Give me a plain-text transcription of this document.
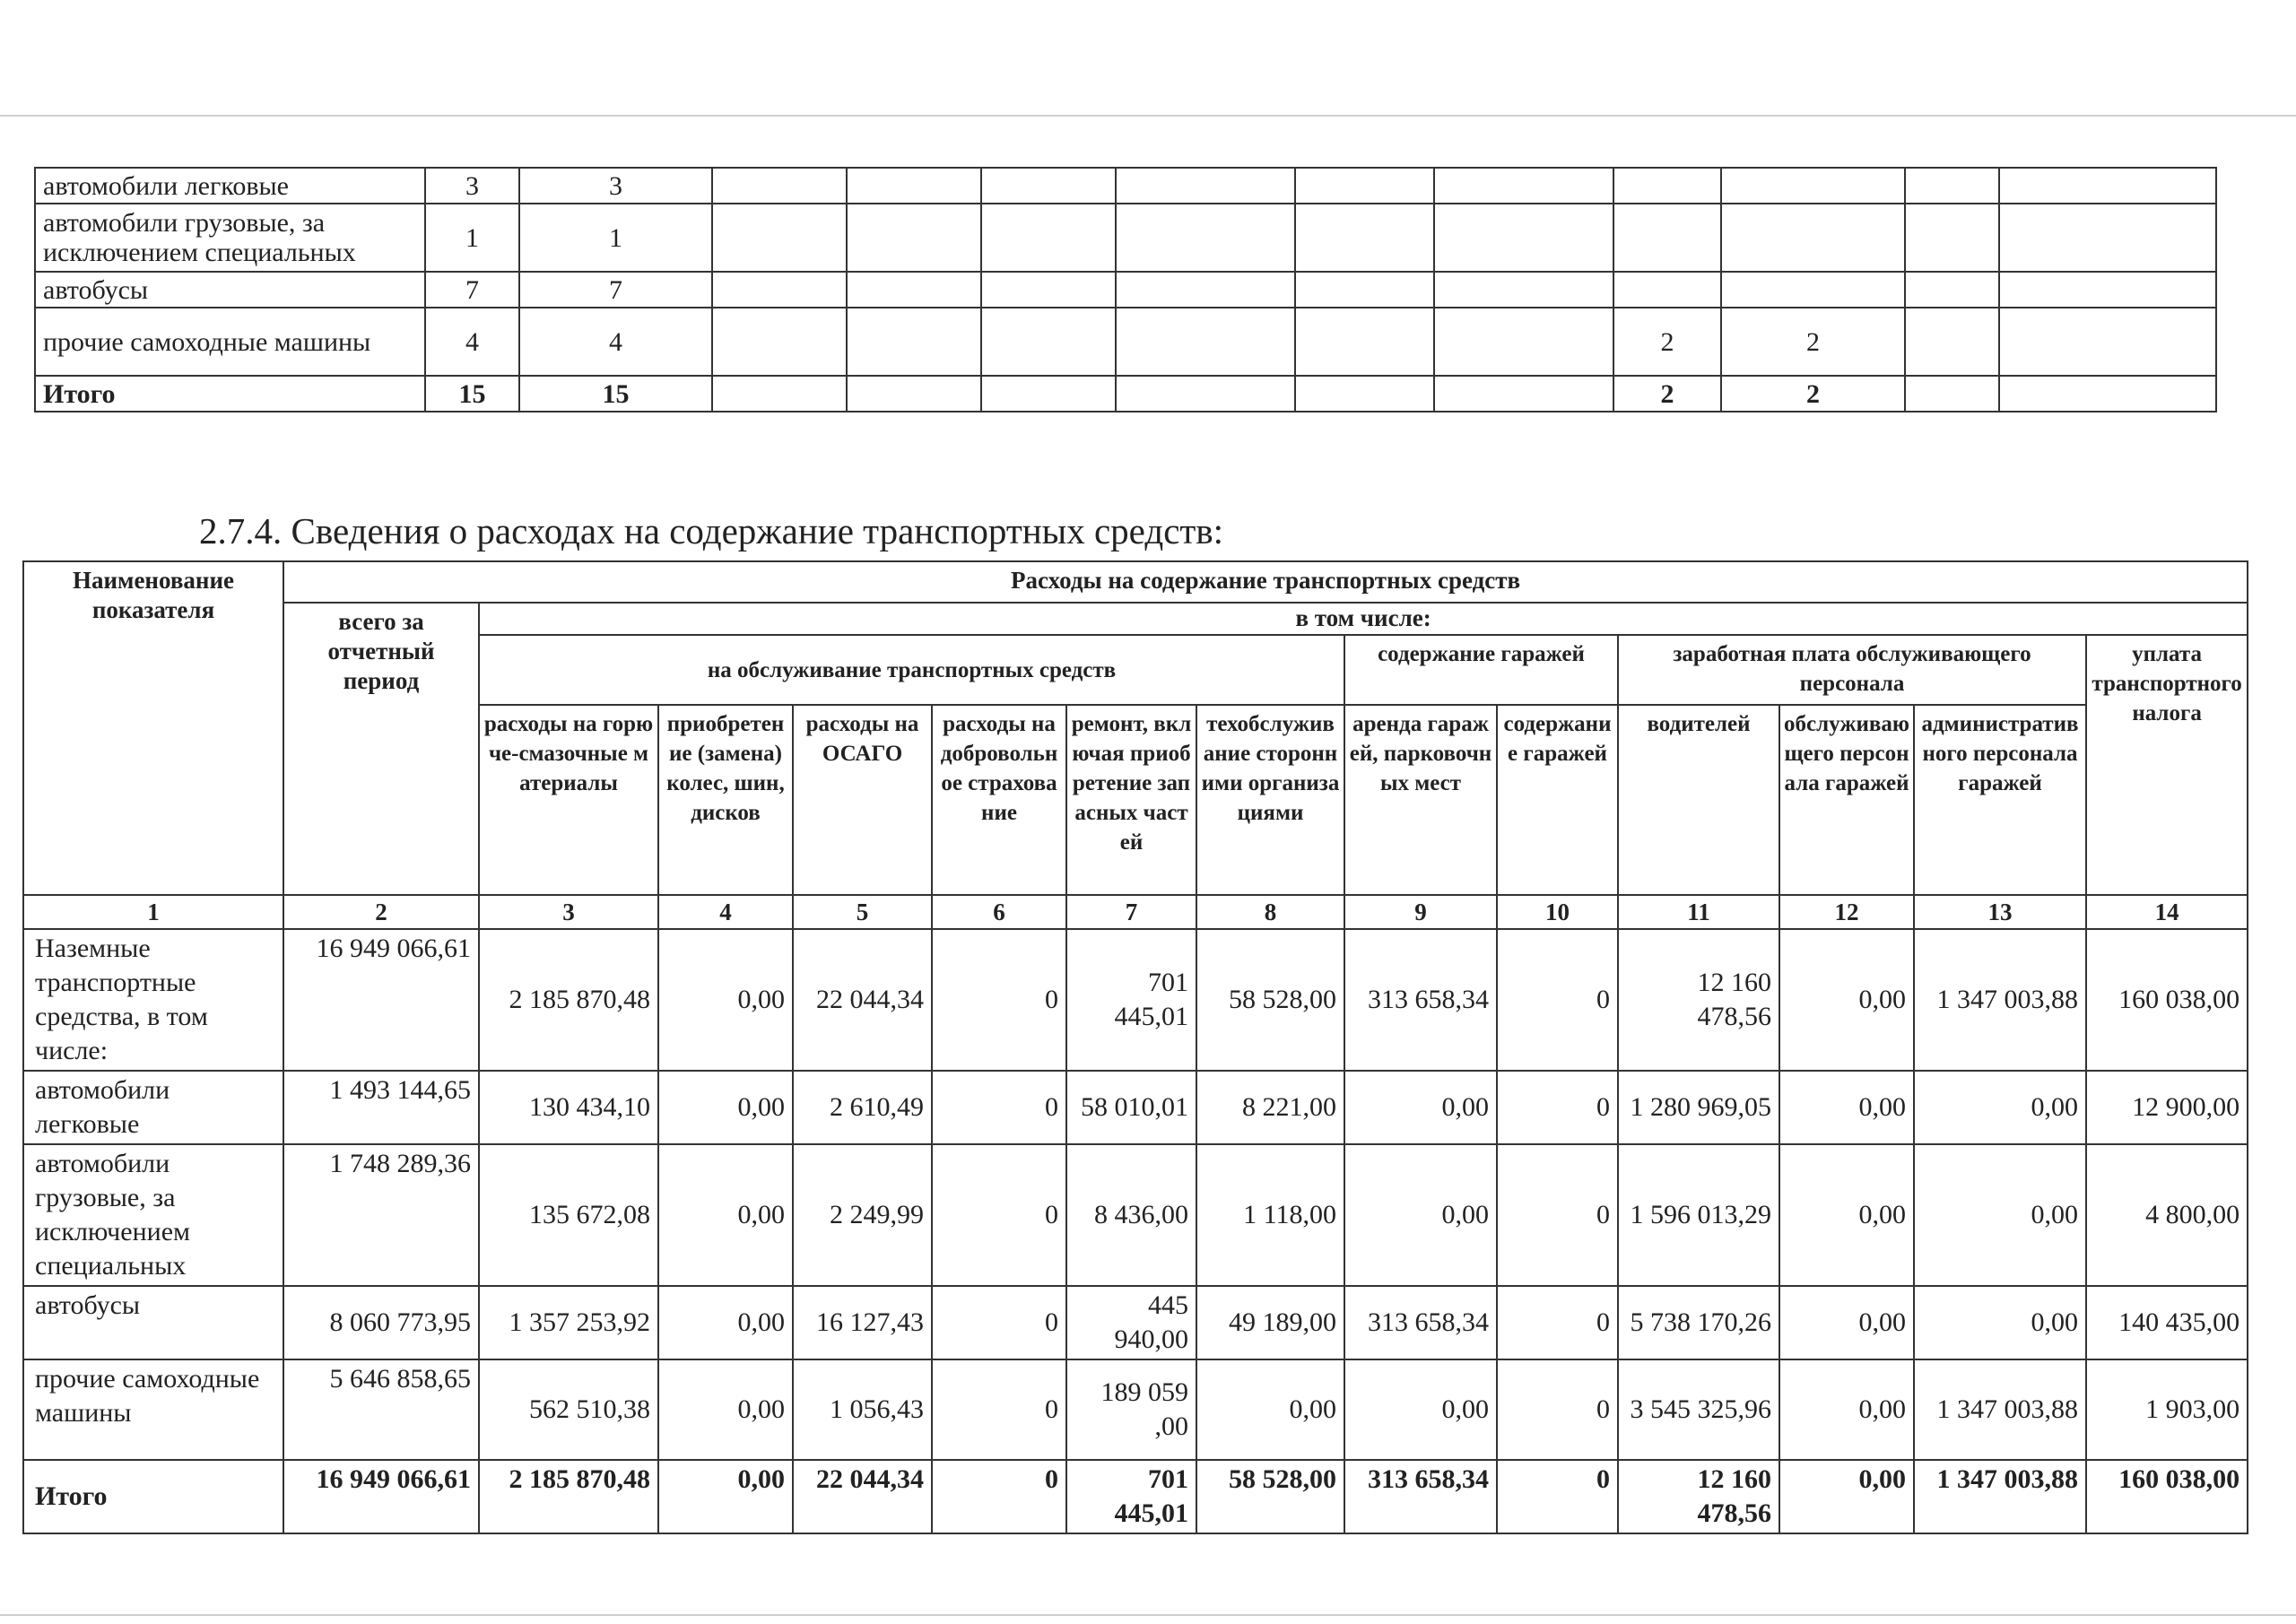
автомобили легковые	3	3										
автомобили грузовые, за исключением специальных	1	1										
автобусы	7	7										
прочие самоходные машины	4	4							2	2		
Итого	15	15							2	2		
2.7.4. Сведения о расходах на содержание транспортных средств:
Наименование показателя	Расходы на содержание транспортных средств												
	всего за отчетный период	в том числе:											
		на обслуживание транспортных средств						содержание гаражей		заработная плата обслуживающего персонала			уплата транспортного налога
		расходы на горюче-смазочные материалы	приобретение (замена) колес, шин, дисков	расходы на ОСАГО	расходы на добровольное страхование	ремонт, включая приобретение запасных частей	техобслуживание сторонними организациями	аренда гаражей, парковочных мест	содержание гаражей	водителей	обслуживающего персонала гаражей	административного персонала гаражей	
1	2	3	4	5	6	7	8	9	10	11	12	13	14
Наземные транспортные средства, в том числе:	16 949 066,61	2 185 870,48	0,00	22 044,34	0	701 445,01	58 528,00	313 658,34	0	12 160 478,56	0,00	1 347 003,88	160 038,00
автомобили легковые	1 493 144,65	130 434,10	0,00	2 610,49	0	58 010,01	8 221,00	0,00	0	1 280 969,05	0,00	0,00	12 900,00
автомобили грузовые, за исключением специальных	1 748 289,36	135 672,08	0,00	2 249,99	0	8 436,00	1 118,00	0,00	0	1 596 013,29	0,00	0,00	4 800,00
автобусы	8 060 773,95	1 357 253,92	0,00	16 127,43	0	445 940,00	49 189,00	313 658,34	0	5 738 170,26	0,00	0,00	140 435,00
прочие самоходные машины	5 646 858,65	562 510,38	0,00	1 056,43	0	189 059 ,00	0,00	0,00	0	3 545 325,96	0,00	1 347 003,88	1 903,00
Итого	16 949 066,61	2 185 870,48	0,00	22 044,34	0	701 445,01	58 528,00	313 658,34	0	12 160 478,56	0,00	1 347 003,88	160 038,00
